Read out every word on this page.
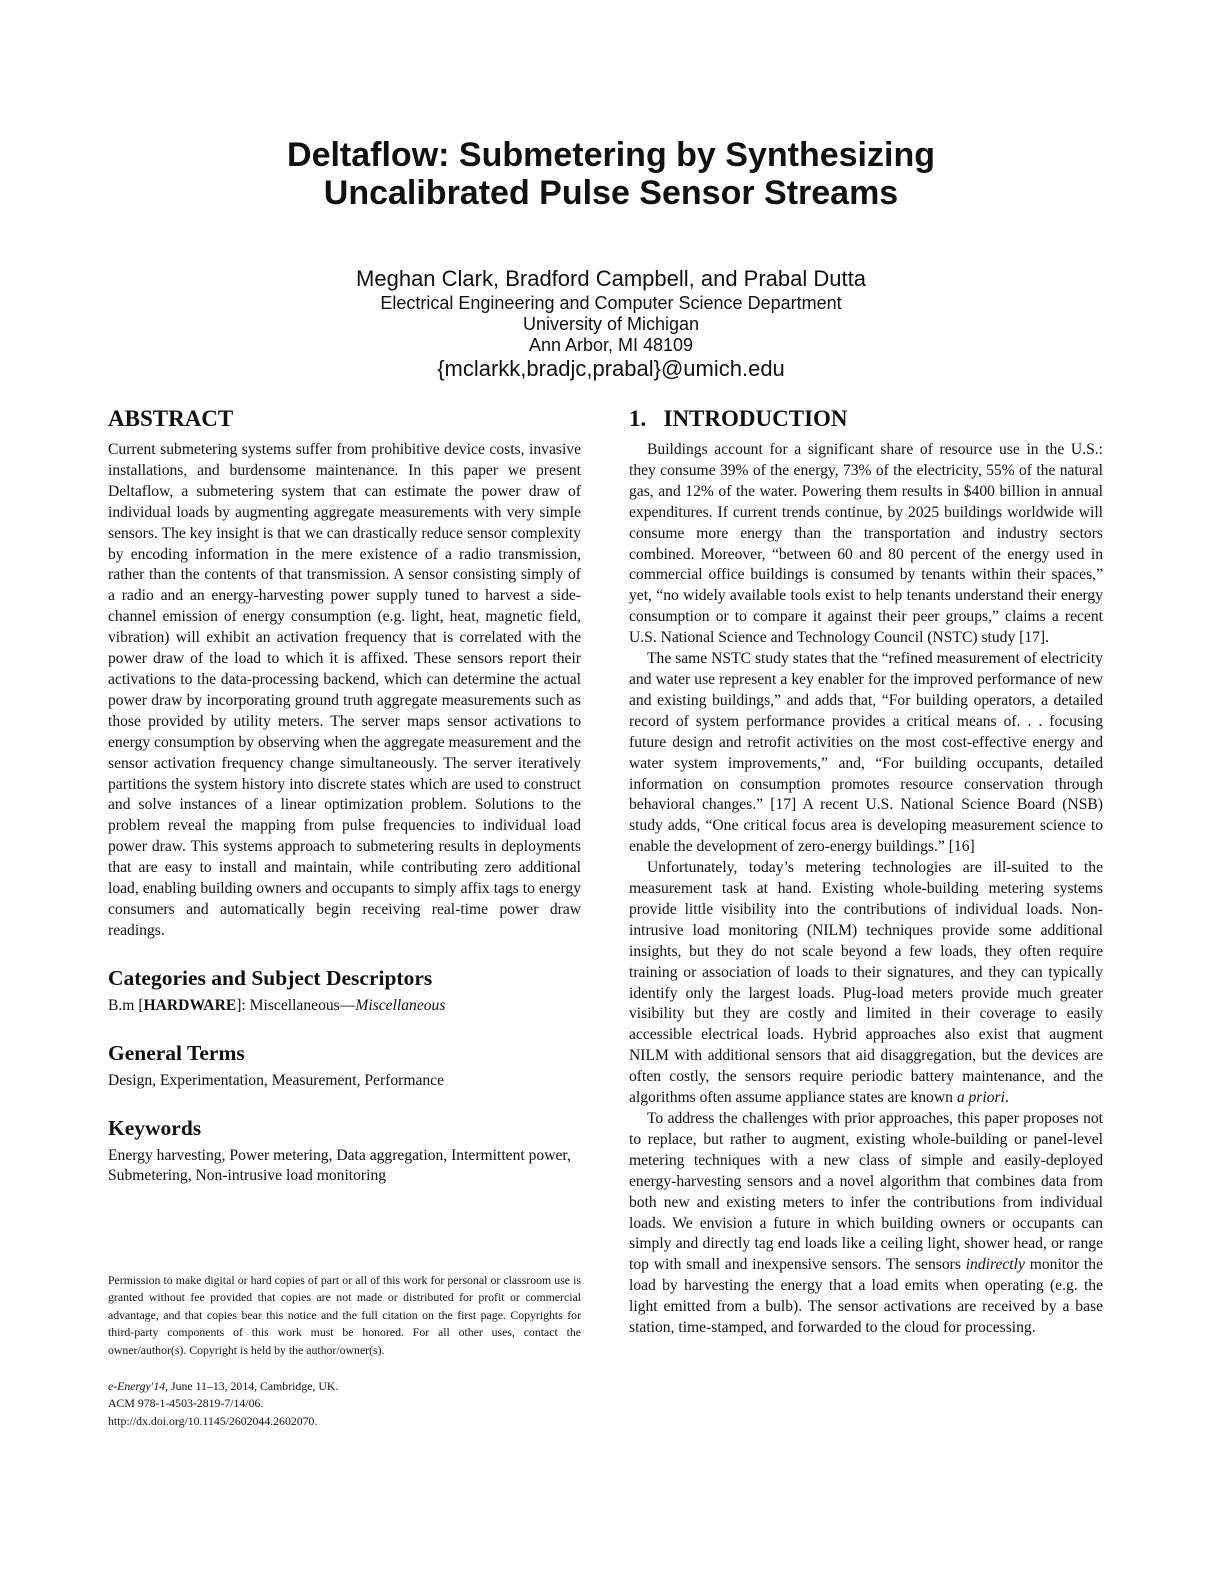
Deltaflow: Submetering by Synthesizing
Uncalibrated Pulse Sensor Streams
Meghan Clark, Bradford Campbell, and Prabal Dutta
Electrical Engineering and Computer Science Department
University of Michigan
Ann Arbor, MI 48109
{mclarkk,bradjc,prabal}@umich.edu
ABSTRACT

Current submetering systems suffer from prohibitive device costs, invasive installations, and burdensome maintenance. In this paper we present Deltaflow, a submetering system that can estimate the power draw of individual loads by augmenting aggregate measurements with very simple sensors. The key insight is that we can drastically reduce sensor complexity by encoding information in the mere existence of a radio transmission, rather than the contents of that transmission. A sensor consisting simply of a radio and an energy-harvesting power supply tuned to harvest a side-channel emission of energy consumption (e.g. light, heat, magnetic field, vibration) will exhibit an activation frequency that is correlated with the power draw of the load to which it is affixed. These sensors report their activations to the data-processing backend, which can determine the actual power draw by incorporating ground truth aggregate measurements such as those provided by utility meters. The server maps sensor activations to energy consumption by observing when the aggregate measurement and the sensor activation frequency change simultaneously. The server iteratively partitions the system history into discrete states which are used to construct and solve instances of a linear optimization problem. Solutions to the problem reveal the mapping from pulse frequencies to individual load power draw. This systems approach to submetering results in deployments that are easy to install and maintain, while contributing zero additional load, enabling building owners and occupants to simply affix tags to energy consumers and automatically begin receiving real-time power draw readings.

Categories and Subject Descriptors

B.m [HARDWARE]: Miscellaneous—Miscellaneous

General Terms

Design, Experimentation, Measurement, Performance

Keywords

Energy harvesting, Power metering, Data aggregation, Intermittent power, Submetering, Non-intrusive load monitoring

Permission to make digital or hard copies of part or all of this work for personal or classroom use is granted without fee provided that copies are not made or distributed for profit or commercial advantage, and that copies bear this notice and the full citation on the first page. Copyrights for third-party components of this work must be honored. For all other uses, contact the owner/author(s). Copyright is held by the author/owner(s).

e-Energy'14, June 11–13, 2014, Cambridge, UK.
ACM 978-1-4503-2819-7/14/06.
http://dx.doi.org/10.1145/2602044.2602070.
1.   INTRODUCTION

Buildings account for a significant share of resource use in the U.S.: they consume 39% of the energy, 73% of the electricity, 55% of the natural gas, and 12% of the water. Powering them results in $400 billion in annual expenditures. If current trends continue, by 2025 buildings worldwide will consume more energy than the transportation and industry sectors combined. Moreover, “between 60 and 80 percent of the energy used in commercial office buildings is consumed by tenants within their spaces,” yet, “no widely available tools exist to help tenants understand their energy consumption or to compare it against their peer groups,” claims a recent U.S. National Science and Technology Council (NSTC) study [17].

The same NSTC study states that the “refined measurement of electricity and water use represent a key enabler for the improved performance of new and existing buildings,” and adds that, “For building operators, a detailed record of system performance provides a critical means of. . . focusing future design and retrofit activities on the most cost-effective energy and water system improvements,” and, “For building occupants, detailed information on consumption promotes resource conservation through behavioral changes.” [17] A recent U.S. National Science Board (NSB) study adds, “One critical focus area is developing measurement science to enable the development of zero-energy buildings.” [16]

Unfortunately, today’s metering technologies are ill-suited to the measurement task at hand. Existing whole-building metering systems provide little visibility into the contributions of individual loads. Non-intrusive load monitoring (NILM) techniques provide some additional insights, but they do not scale beyond a few loads, they often require training or association of loads to their signatures, and they can typically identify only the largest loads. Plug-load meters provide much greater visibility but they are costly and limited in their coverage to easily accessible electrical loads. Hybrid approaches also exist that augment NILM with additional sensors that aid disaggregation, but the devices are often costly, the sensors require periodic battery maintenance, and the algorithms often assume appliance states are known a priori.

To address the challenges with prior approaches, this paper proposes not to replace, but rather to augment, existing whole-building or panel-level metering techniques with a new class of simple and easily-deployed energy-harvesting sensors and a novel algorithm that combines data from both new and existing meters to infer the contributions from individual loads. We envision a future in which building owners or occupants can simply and directly tag end loads like a ceiling light, shower head, or range top with small and inexpensive sensors. The sensors indirectly monitor the load by harvesting the energy that a load emits when operating (e.g. the light emitted from a bulb). The sensor activations are received by a base station, time-stamped, and forwarded to the cloud for processing.
